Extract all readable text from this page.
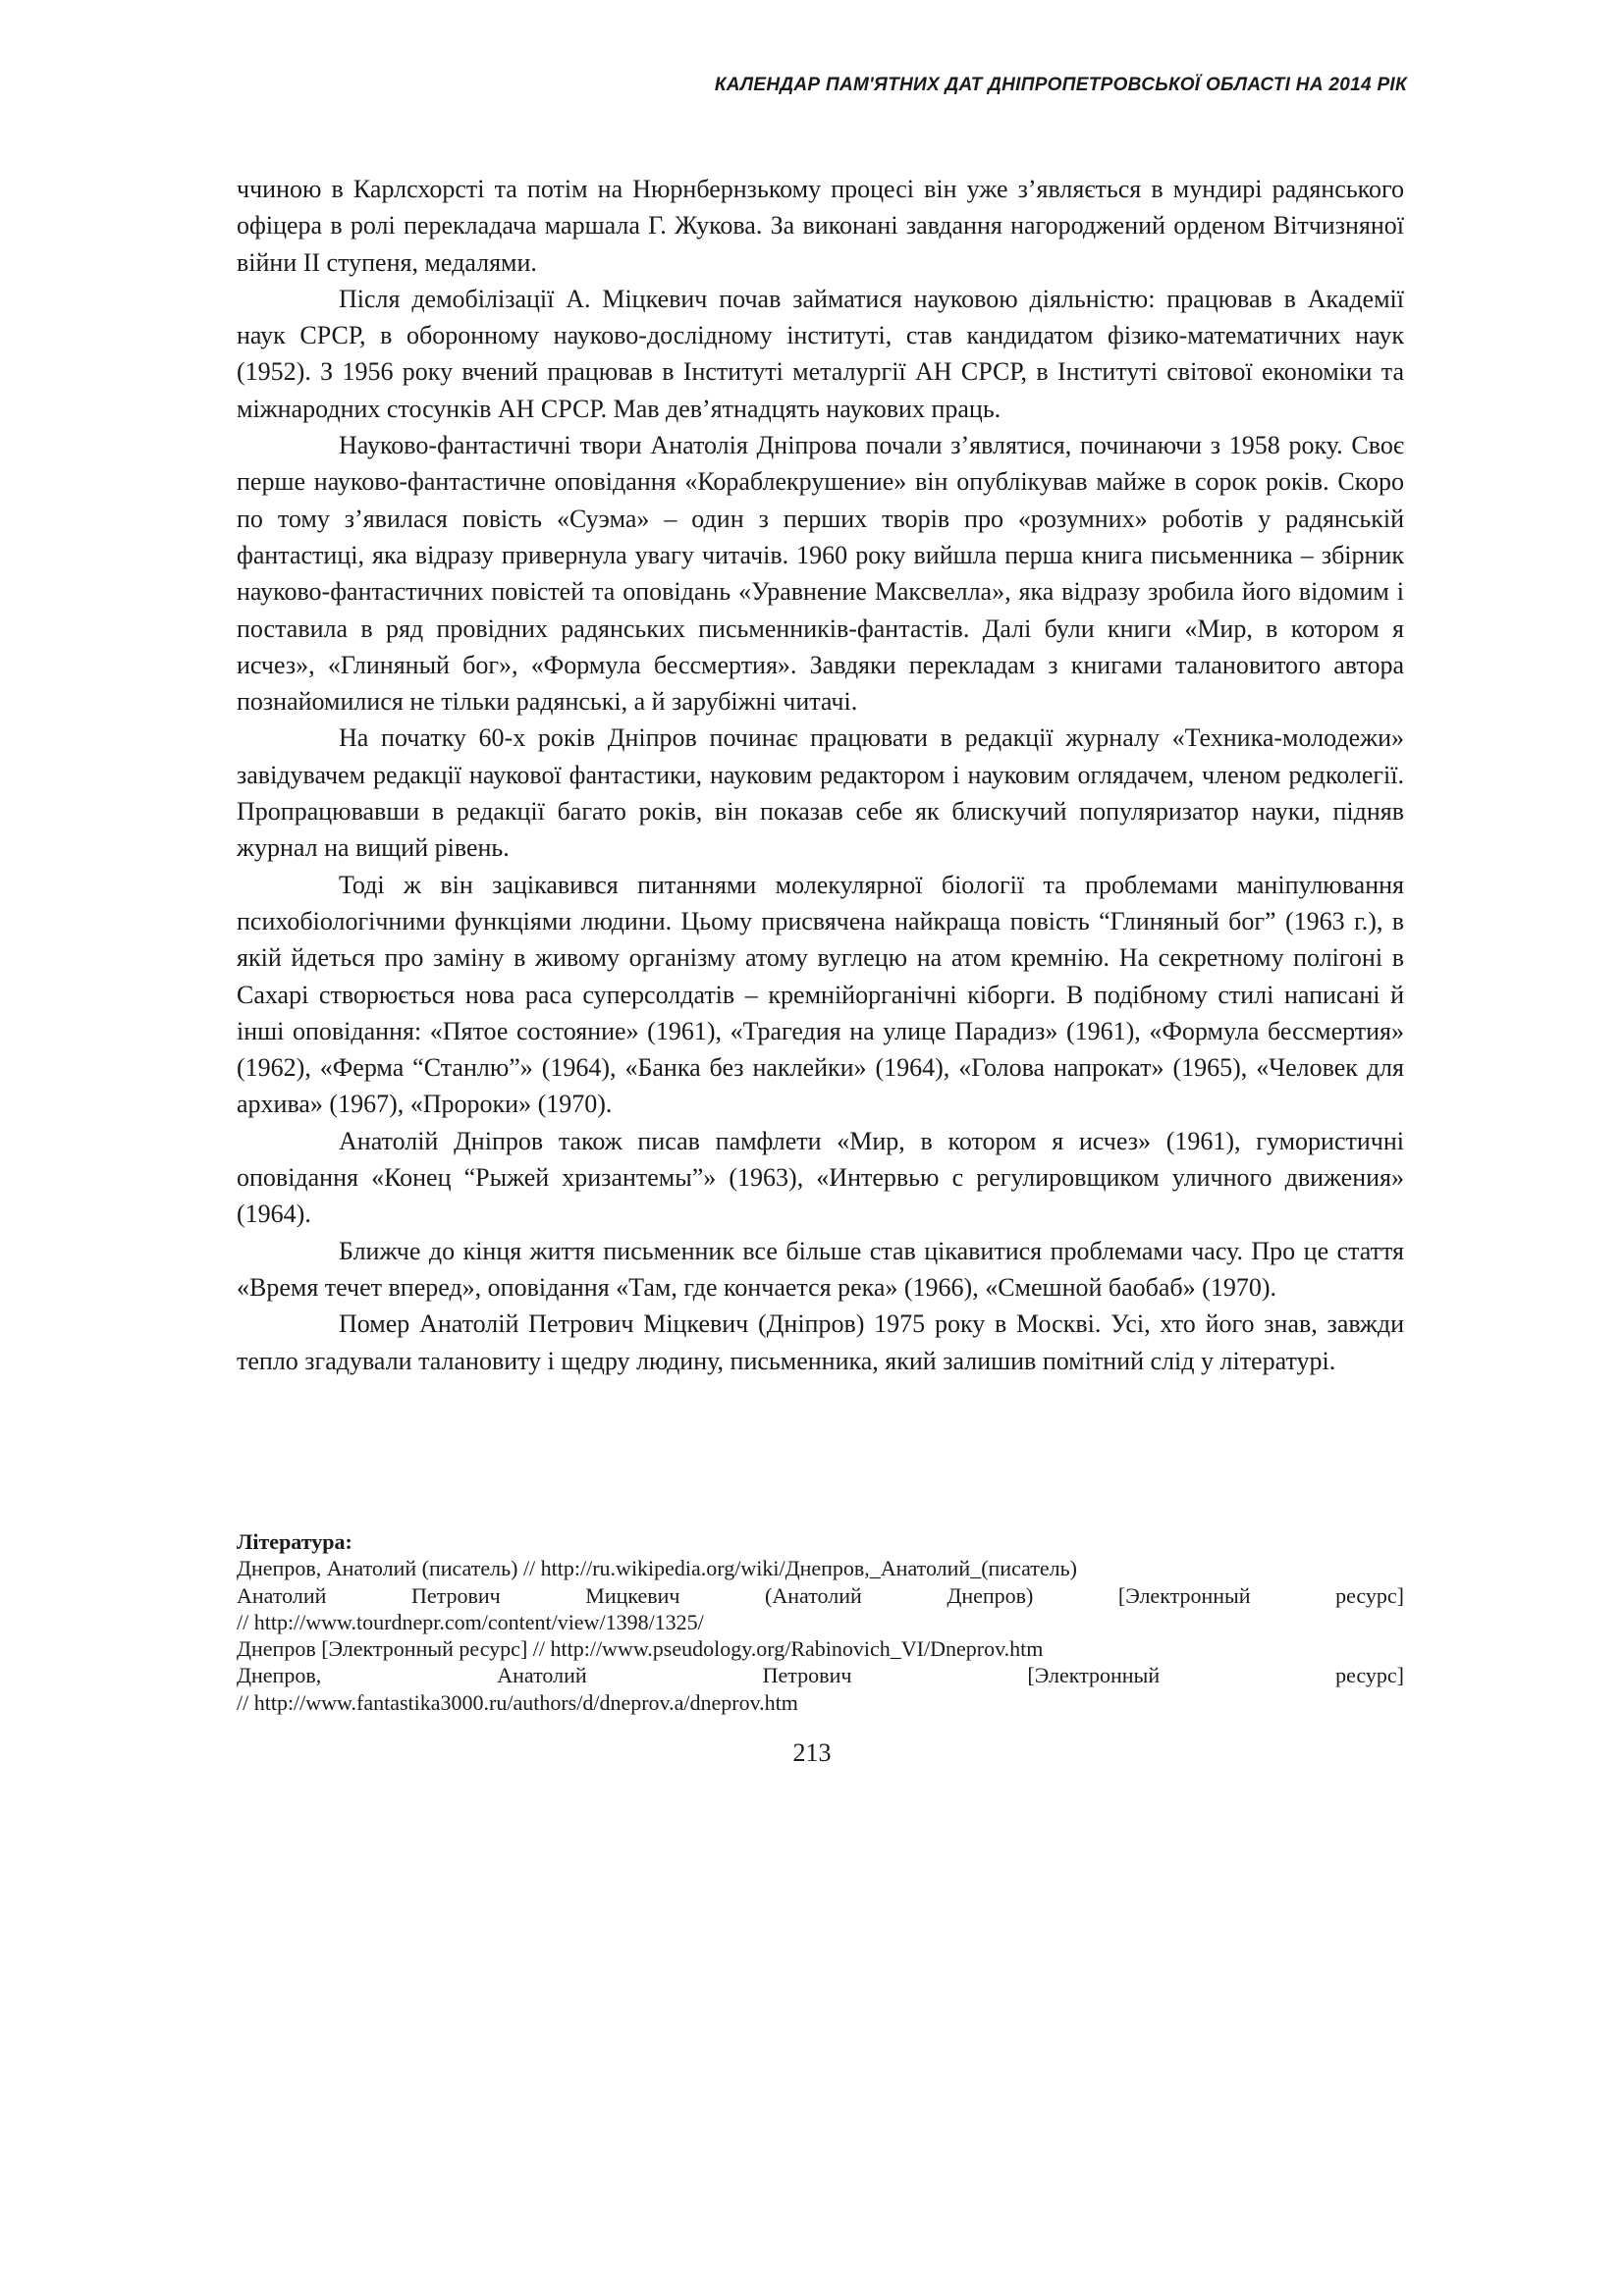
КАЛЕНДАР ПАМ'ЯТНИХ ДАТ ДНІПРОПЕТРОВСЬКОЇ ОБЛАСТІ НА 2014 РІК

ччиною в Карлсхорсті та потім на Нюрнбернзькому процесі він уже з’являється в мундирі радянського офіцера в ролі перекладача маршала Г. Жукова. За виконані завдання нагороджений орденом Вітчизняної війни ІІ ступеня, медалями.

Після демобілізації А. Міцкевич почав займатися науковою діяльністю: працював в Академії наук СРСР, в оборонному науково-дослідному інституті, став кандидатом фізико-математичних наук (1952). З 1956 року вчений працював в Інституті металургії АН СРСР, в Інституті світової економіки та міжнародних стосунків АН СРСР. Мав дев’ятнадцять наукових праць.

Науково-фантастичні твори Анатолія Дніпрова почали з’являтися, починаючи з 1958 року. Своє перше науково-фантастичне оповідання «Кораблекрушение» він опублікував майже в сорок років. Скоро по тому з’явилася повість «Суэма» – один з перших творів про «розумних» роботів у радянській фантастиці, яка відразу привернула увагу читачів. 1960 року вийшла перша книга письменника – збірник науково-фантастичних повістей та оповідань «Уравнение Максвелла», яка відразу зробила його відомим і поставила в ряд провідних радянських письменників-фантастів. Далі були книги «Мир, в котором я исчез», «Глиняный бог», «Формула бессмертия». Завдяки перекладам з книгами талановитого автора познайомилися не тільки радянські, а й зарубіжні читачі.

На початку 60-х років Дніпров починає працювати в редакції журналу «Техника-молодежи» завідувачем редакції наукової фантастики, науковим редактором і науковим оглядачем, членом редколегії. Пропрацювавши в редакції багато років, він показав себе як блискучий популяризатор науки, підняв журнал на вищий рівень.

Тоді ж він зацікавився питаннями молекулярної біології та проблемами маніпулювання психобіологічними функціями людини. Цьому присвячена найкраща повість “Глиняный бог” (1963 г.), в якій йдеться про заміну в живому організму атому вуглецю на атом кремнію. На секретному полігоні в Сахарі створюється нова раса суперсолдатів – кремнійорганічні кіборги. В подібному стилі написані й інші оповідання: «Пятое состояние» (1961), «Трагедия на улице Парадиз» (1961), «Формула бессмертия» (1962), «Ферма “Станлю”» (1964), «Банка без наклейки» (1964), «Голова напрокат» (1965), «Человек для архива» (1967), «Пророки» (1970).

Анатолій Дніпров також писав памфлети «Мир, в котором я исчез» (1961), гумористичні оповідання «Конец “Рыжей хризантемы”» (1963), «Интервью с регулировщиком уличного движения» (1964).

Ближче до кінця життя письменник все більше став цікавитися проблемами часу. Про це стаття «Время течет вперед», оповідання «Там, где кончается река» (1966), «Смешной баобаб» (1970).

Помер Анатолій Петрович Міцкевич (Дніпров) 1975 року в Москві. Усі, хто його знав, завжди тепло згадували талановиту і щедру людину, письменника, який залишив помітний слід у літературі.

Література:

Днепров, Анатолий (писатель) // http://ru.wikipedia.org/wiki/Днепров,_Анатолий_(писатель)

Анатолий Петрович Мицкевич (Анатолий Днепров) [Электронный ресурс]

// http://www.tourdnepr.com/content/view/1398/1325/

Днепров [Электронный ресурс] // http://www.pseudology.org/Rabinovich_VI/Dneprov.htm

Днепров, Анатолий Петрович [Электронный ресурс]

// http://www.fantastika3000.ru/authors/d/dneprov.a/dneprov.htm

213
